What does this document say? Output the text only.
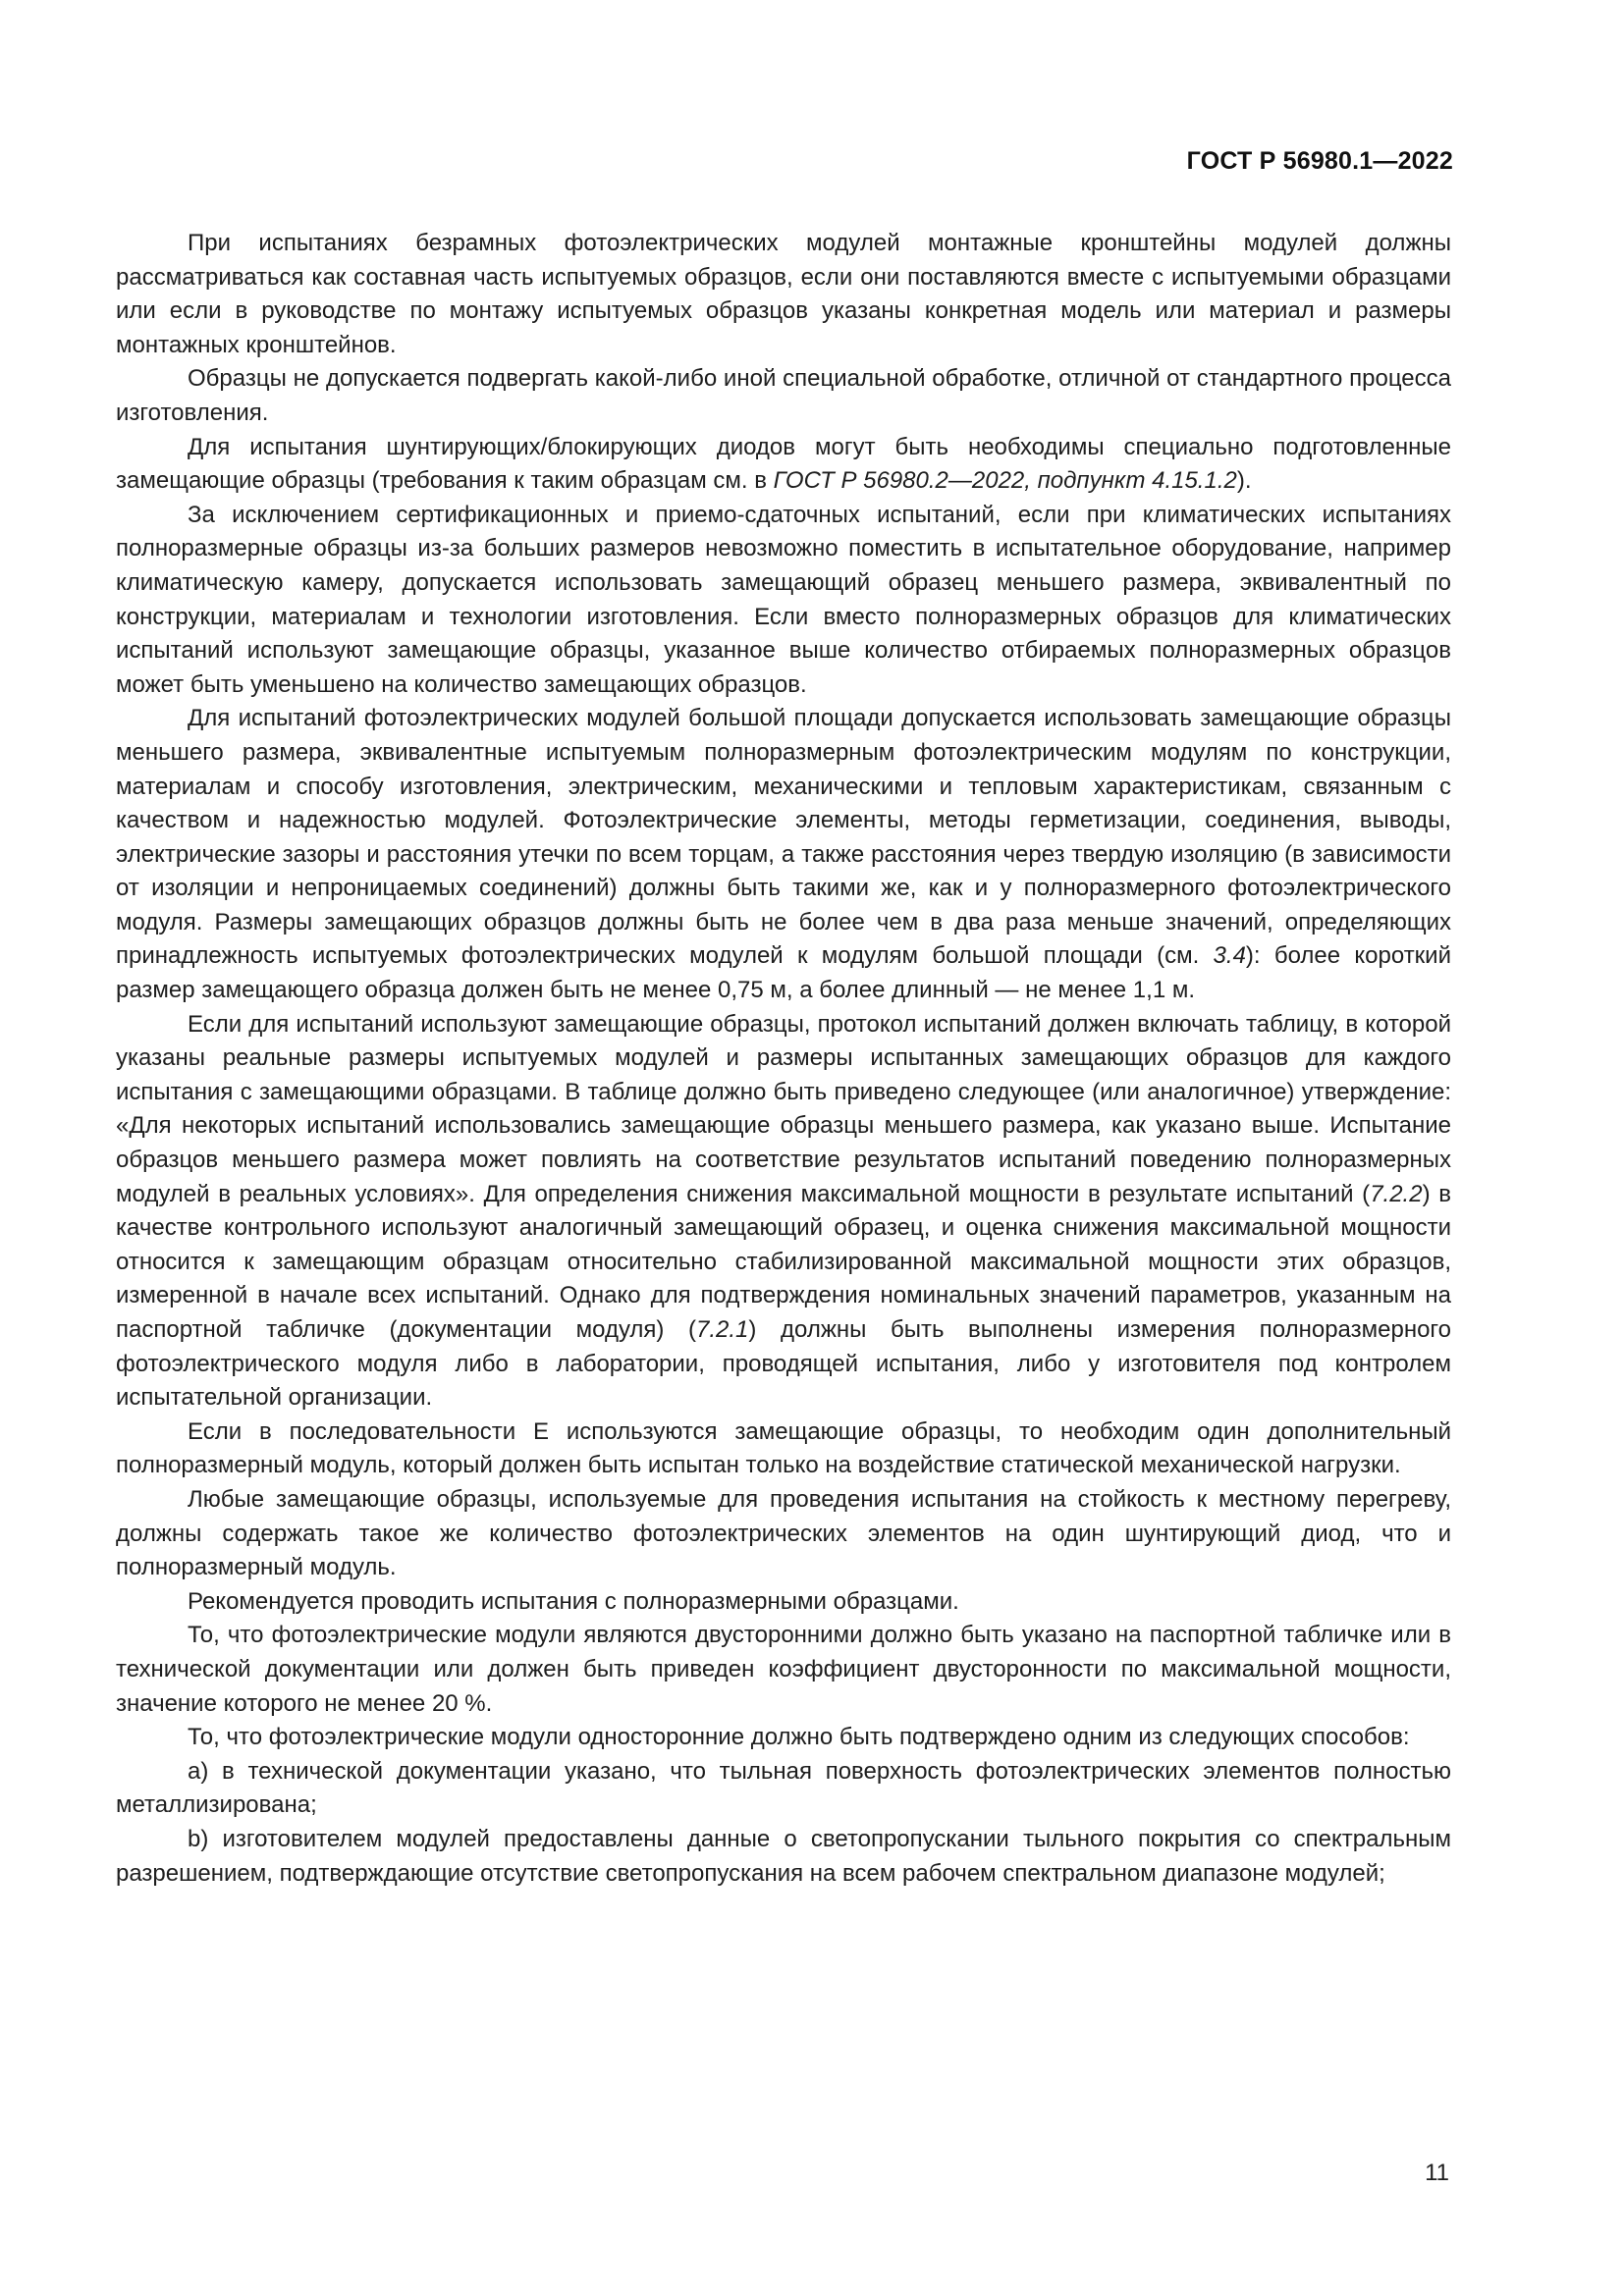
ГОСТ Р 56980.1—2022

При испытаниях безрамных фотоэлектрических модулей монтажные кронштейны модулей должны рассматриваться как составная часть испытуемых образцов, если они поставляются вместе с испытуемыми образцами или если в руководстве по монтажу испытуемых образцов указаны конкретная модель или материал и размеры монтажных кронштейнов.

Образцы не допускается подвергать какой-либо иной специальной обработке, отличной от стандартного процесса изготовления.

Для испытания шунтирующих/блокирующих диодов могут быть необходимы специально подготовленные замещающие образцы (требования к таким образцам см. в ГОСТ Р 56980.2—2022, подпункт 4.15.1.2).

За исключением сертификационных и приемо-сдаточных испытаний, если при климатических испытаниях полноразмерные образцы из-за больших размеров невозможно поместить в испытательное оборудование, например климатическую камеру, допускается использовать замещающий образец меньшего размера, эквивалентный по конструкции, материалам и технологии изготовления. Если вместо полноразмерных образцов для климатических испытаний используют замещающие образцы, указанное выше количество отбираемых полноразмерных образцов может быть уменьшено на количество замещающих образцов.

Для испытаний фотоэлектрических модулей большой площади допускается использовать замещающие образцы меньшего размера, эквивалентные испытуемым полноразмерным фотоэлектрическим модулям по конструкции, материалам и способу изготовления, электрическим, механическими и тепловым характеристикам, связанным с качеством и надежностью модулей. Фотоэлектрические элементы, методы герметизации, соединения, выводы, электрические зазоры и расстояния утечки по всем торцам, а также расстояния через твердую изоляцию (в зависимости от изоляции и непроницаемых соединений) должны быть такими же, как и у полноразмерного фотоэлектрического модуля. Размеры замещающих образцов должны быть не более чем в два раза меньше значений, определяющих принадлежность испытуемых фотоэлектрических модулей к модулям большой площади (см. 3.4): более короткий размер замещающего образца должен быть не менее 0,75 м, а более длинный — не менее 1,1 м.

Если для испытаний используют замещающие образцы, протокол испытаний должен включать таблицу, в которой указаны реальные размеры испытуемых модулей и размеры испытанных замещающих образцов для каждого испытания с замещающими образцами. В таблице должно быть приведено следующее (или аналогичное) утверждение: «Для некоторых испытаний использовались замещающие образцы меньшего размера, как указано выше. Испытание образцов меньшего размера может повлиять на соответствие результатов испытаний поведению полноразмерных модулей в реальных условиях». Для определения снижения максимальной мощности в результате испытаний (7.2.2) в качестве контрольного используют аналогичный замещающий образец, и оценка снижения максимальной мощности относится к замещающим образцам относительно стабилизированной максимальной мощности этих образцов, измеренной в начале всех испытаний. Однако для подтверждения номинальных значений параметров, указанным на паспортной табличке (документации модуля) (7.2.1) должны быть выполнены измерения полноразмерного фотоэлектрического модуля либо в лаборатории, проводящей испытания, либо у изготовителя под контролем испытательной организации.

Если в последовательности E используются замещающие образцы, то необходим один дополнительный полноразмерный модуль, который должен быть испытан только на воздействие статической механической нагрузки.

Любые замещающие образцы, используемые для проведения испытания на стойкость к местному перегреву, должны содержать такое же количество фотоэлектрических элементов на один шунтирующий диод, что и полноразмерный модуль.

Рекомендуется проводить испытания с полноразмерными образцами.

То, что фотоэлектрические модули являются двусторонними должно быть указано на паспортной табличке или в технической документации или должен быть приведен коэффициент двусторонности по максимальной мощности, значение которого не менее 20 %.

То, что фотоэлектрические модули односторонние должно быть подтверждено одним из следующих способов:

а) в технической документации указано, что тыльная поверхность фотоэлектрических элементов полностью металлизирована;

b) изготовителем модулей предоставлены данные о светопропускании тыльного покрытия со спектральным разрешением, подтверждающие отсутствие светопропускания на всем рабочем спектральном диапазоне модулей;

11
